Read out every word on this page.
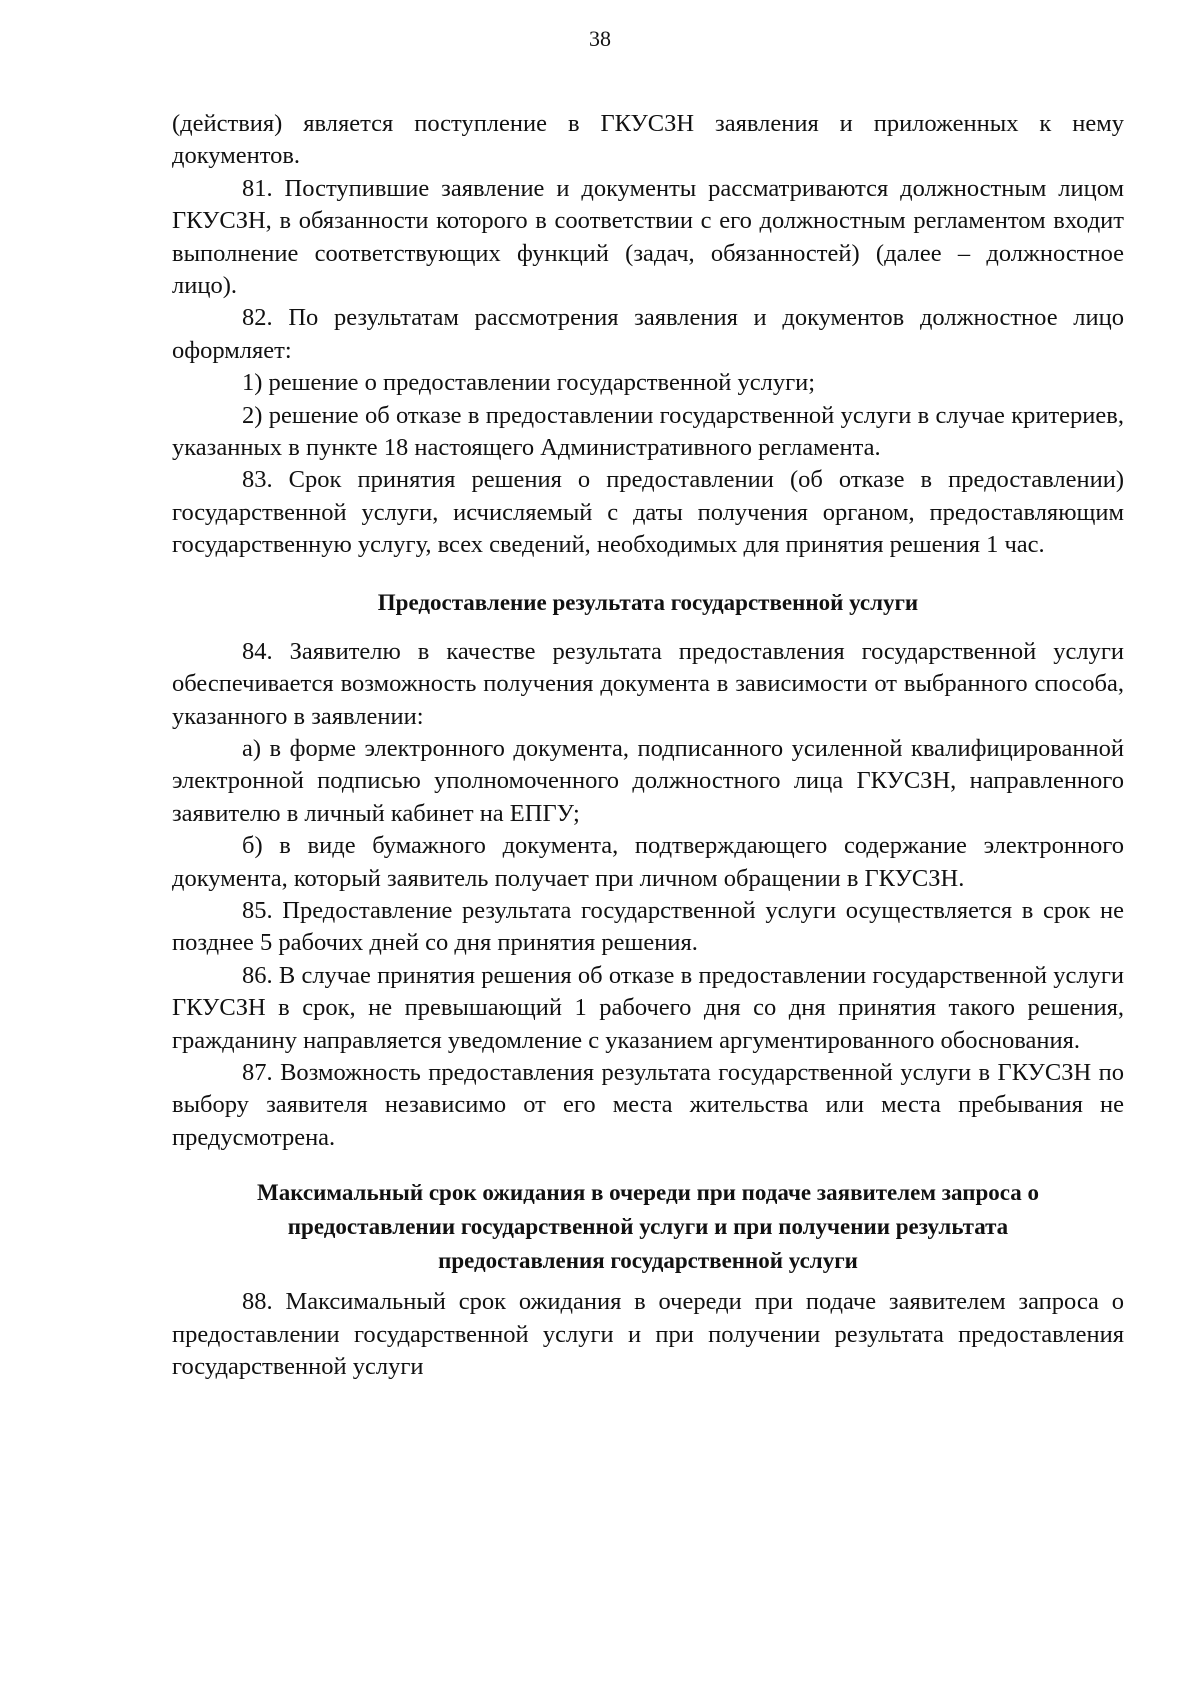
38

(действия) является поступление в ГКУСЗН заявления и приложенных к нему документов.

81. Поступившие заявление и документы рассматриваются должностным лицом ГКУСЗН, в обязанности которого в соответствии с его должностным регламентом входит выполнение соответствующих функций (задач, обязанностей) (далее – должностное лицо).

82. По результатам рассмотрения заявления и документов должностное лицо оформляет:

1) решение о предоставлении государственной услуги;

2) решение об отказе в предоставлении государственной услуги в случае критериев, указанных в пункте 18 настоящего Административного регламента.

83. Срок принятия решения о предоставлении (об отказе в предоставлении) государственной услуги, исчисляемый с даты получения органом, предоставляющим государственную услугу, всех сведений, необходимых для принятия решения 1 час.

Предоставление результата государственной услуги

84. Заявителю в качестве результата предоставления государственной услуги обеспечивается возможность получения документа в зависимости от выбранного способа, указанного в заявлении:

а) в форме электронного документа, подписанного усиленной квалифицированной электронной подписью уполномоченного должностного лица ГКУСЗН, направленного заявителю в личный кабинет на ЕПГУ;

б) в виде бумажного документа, подтверждающего содержание электронного документа, который заявитель получает при личном обращении в ГКУСЗН.

85. Предоставление результата государственной услуги осуществляется в срок не позднее 5 рабочих дней со дня принятия решения.

86. В случае принятия решения об отказе в предоставлении государственной услуги ГКУСЗН в срок, не превышающий 1 рабочего дня со дня принятия такого решения, гражданину направляется уведомление с указанием аргументированного обоснования.

87. Возможность предоставления результата государственной услуги в ГКУСЗН по выбору заявителя независимо от его места жительства или места пребывания не предусмотрена.

Максимальный срок ожидания в очереди при подаче заявителем запроса о предоставлении государственной услуги и при получении результата предоставления государственной услуги

88. Максимальный срок ожидания в очереди при подаче заявителем запроса о предоставлении государственной услуги и при получении результата предоставления государственной услуги
